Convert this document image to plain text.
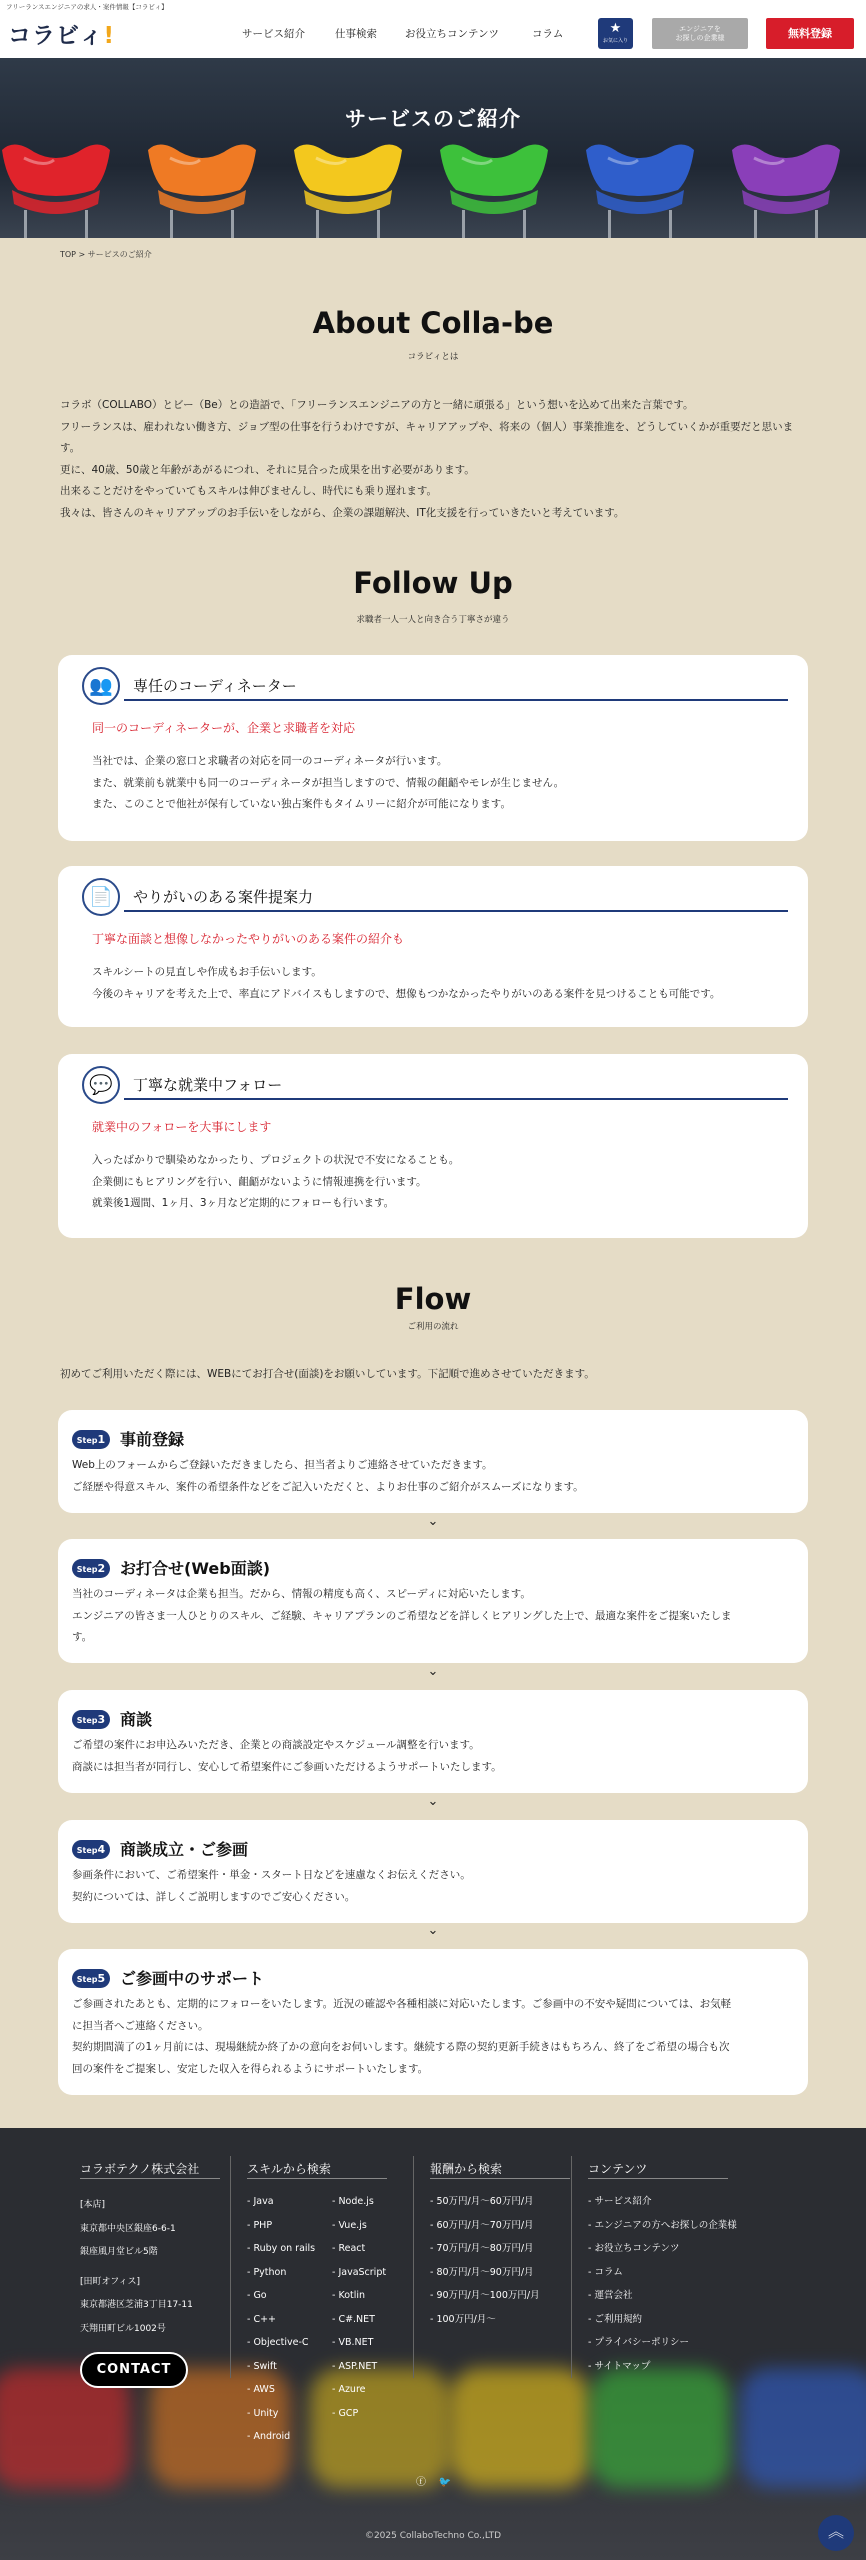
フリーランスエンジニアの求人・案件情報【コラビィ】
コラビィ!	サービス紹介	仕事検索	お役立ちコンテンツ	コラム	★
お気に入り
エンジニアを
お探しの企業様	無料登録
サービスのご紹介
TOP > サービスのご紹介
About Colla-be
コラビィとは

コラボ（COLLABO）とビー（Be）との造語で、「フリーランスエンジニアの方と一緒に頑張る」という想いを込めて出来た言葉です。

フリーランスは、雇われない働き方、ジョブ型の仕事を行うわけですが、キャリアアップや、将来の（個人）事業推進を、どうしていくかが重要だと思います。

更に、40歳、50歳と年齢があがるにつれ、それに見合った成果を出す必要があります。

出来ることだけをやっていてもスキルは伸びませんし、時代にも乗り遅れます。

我々は、皆さんのキャリアアップのお手伝いをしながら、企業の課題解決、IT化支援を行っていきたいと考えています。

Follow Up
求職者一人一人と向き合う丁寧さが違う
👥	専任のコーディネーター
同一のコーディネーターが、企業と求職者を対応

当社では、企業の窓口と求職者の対応を同一のコーディネータが行います。

また、就業前も就業中も同一のコーディネータが担当しますので、情報の齟齬やモレが生じません。

また、このことで他社が保有していない独占案件もタイムリーに紹介が可能になります。

📄	やりがいのある案件提案力
丁寧な面談と想像しなかったやりがいのある案件の紹介も

スキルシートの見直しや作成もお手伝いします。

今後のキャリアを考えた上で、率直にアドバイスもしますので、想像もつかなかったやりがいのある案件を見つけることも可能です。

💬	丁寧な就業中フォロー
就業中のフォローを大事にします

入ったばかりで馴染めなかったり、プロジェクトの状況で不安になることも。

企業側にもヒアリングを行い、齟齬がないように情報連携を行います。

就業後1週間、1ヶ月、3ヶ月など定期的にフォローも行います。

Flow
ご利用の流れ
初めてご利用いただく際には、WEBにてお打合せ(面談)をお願いしています。下記順で進めさせていただきます。
Step1 事前登録

Web上のフォームからご登録いただきましたら、担当者よりご連絡させていただきます。

ご経歴や得意スキル、案件の希望条件などをご記入いただくと、よりお仕事のご紹介がスムーズになります。

⌄
Step2 お打合せ(Web面談)

当社のコーディネータは企業も担当。だから、情報の精度も高く、スピーディに対応いたします。

エンジニアの皆さま一人ひとりのスキル、ご経験、キャリアプランのご希望などを詳しくヒアリングした上で、最適な案件をご提案いたしま

す。

⌄
Step3 商談

ご希望の案件にお申込みいただき、企業との商談設定やスケジュール調整を行います。

商談には担当者が同行し、安心して希望案件にご参画いただけるようサポートいたします。

⌄
Step4 商談成立・ご参画

参画条件において、ご希望案件・単金・スタート日などを速慮なくお伝えください。

契約については、詳しくご説明しますのでご安心ください。

⌄
Step5 ご参画中のサポート

ご参画されたあとも、定期的にフォローをいたします。近況の確認や各種相談に対応いたします。ご参画中の不安や疑問については、お気軽

に担当者へご連絡ください。

契約期間満了の1ヶ月前には、現場継続か終了かの意向をお伺いします。継続する際の契約更新手続きはもちろん、終了をご希望の場合も次

回の案件をご提案し、安定した収入を得られるようにサポートいたします。

コラボテクノ株式会社
[本店]
東京都中央区銀座6-6-1
銀座風月堂ビル5階
[田町オフィス]
東京都港区芝浦3丁目17-11
天翔田町ビル1002号
CONTACT
スキルから検索
- Java
- PHP
- Ruby on rails
- Python
- Go
- C++
- Objective-C
- Swift
- AWS
- Unity
- Android
- Node.js
- Vue.js
- React
- JavaScript
- Kotlin
- C#.NET
- VB.NET
- ASP.NET
- Azure
- GCP
報酬から検索
- 50万円/月〜60万円/月
- 60万円/月〜70万円/月
- 70万円/月〜80万円/月
- 80万円/月〜90万円/月
- 90万円/月〜100万円/月
- 100万円/月〜
コンテンツ
- サービス紹介
- エンジニアの方へお探しの企業様
- お役立ちコンテンツ
- コラム
- 運営会社
- ご利用規約
- プライバシーポリシー
- サイトマップ
ⓕ 🐦
©2025 CollaboTechno Co.,LTD	︽
